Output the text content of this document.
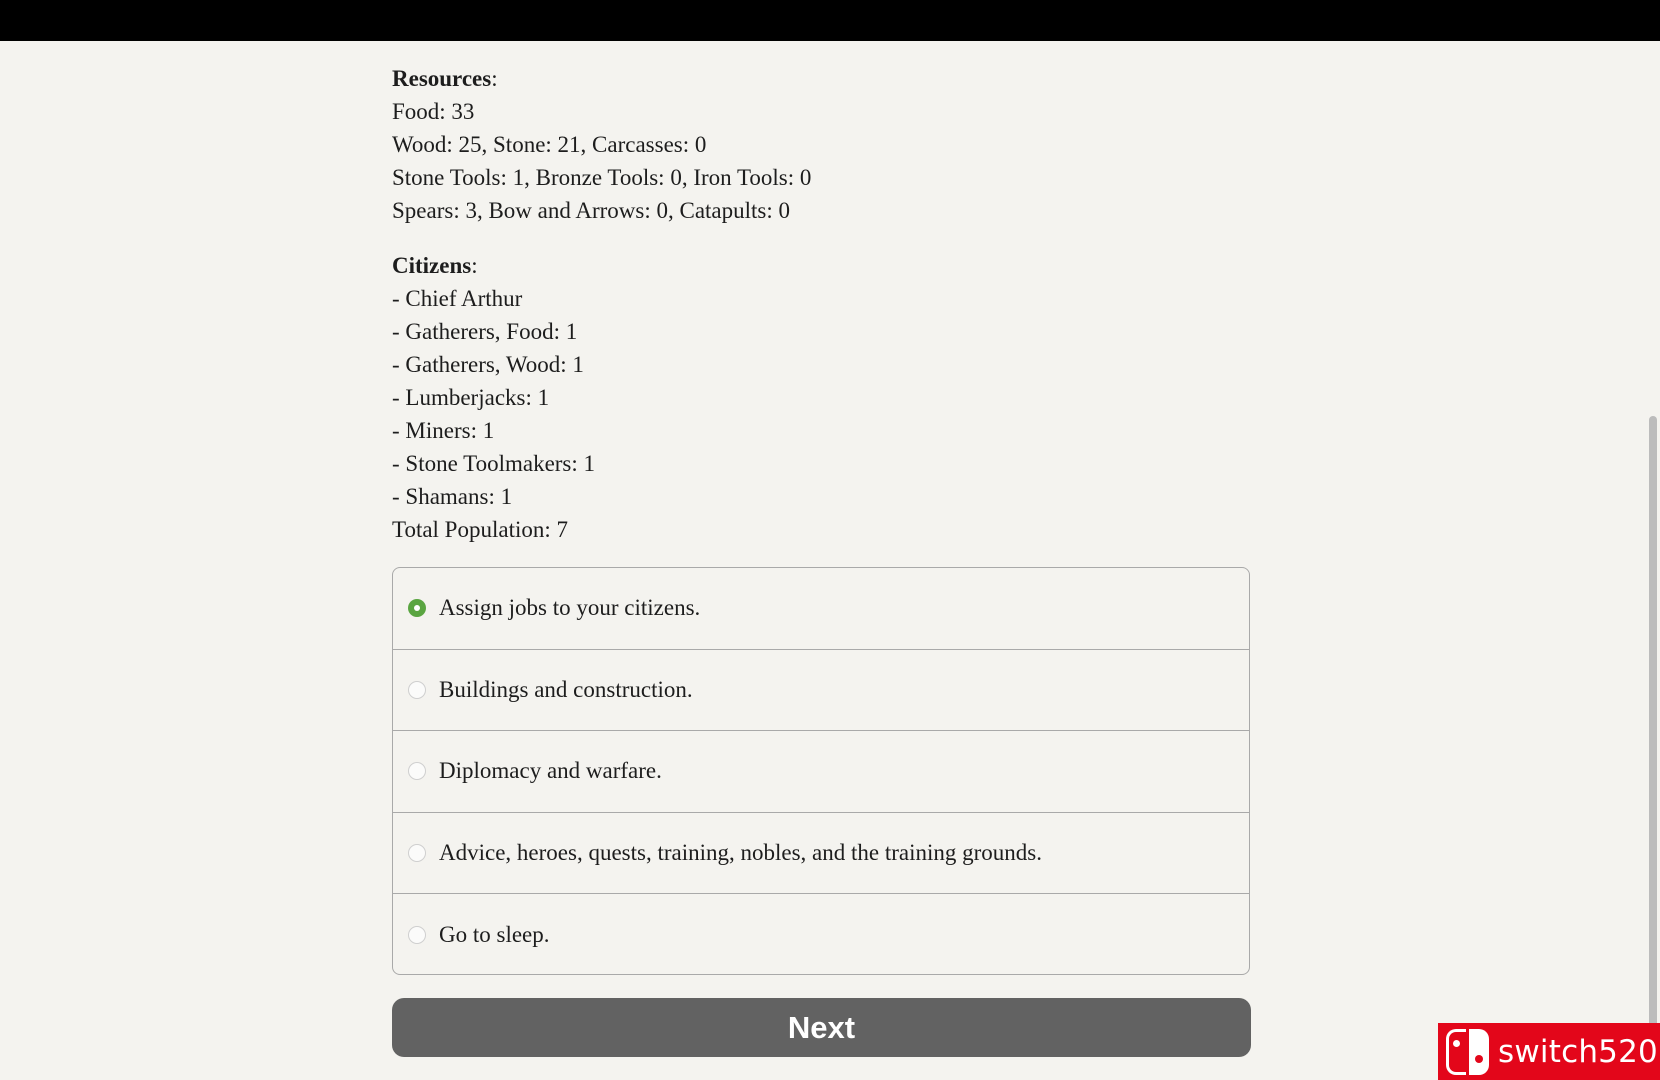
Resources:
Food: 33
Wood: 25, Stone: 21, Carcasses: 0
Stone Tools: 1, Bronze Tools: 0, Iron Tools: 0
Spears: 3, Bow and Arrows: 0, Catapults: 0
Citizens:
- Chief Arthur
- Gatherers, Food: 1
- Gatherers, Wood: 1
- Lumberjacks: 1
- Miners: 1
- Stone Toolmakers: 1
- Shamans: 1
Total Population: 7
Assign jobs to your citizens.
Buildings and construction.
Diplomacy and warfare.
Advice, heroes, quests, training, nobles, and the training grounds.
Go to sleep.
Next
switch520
